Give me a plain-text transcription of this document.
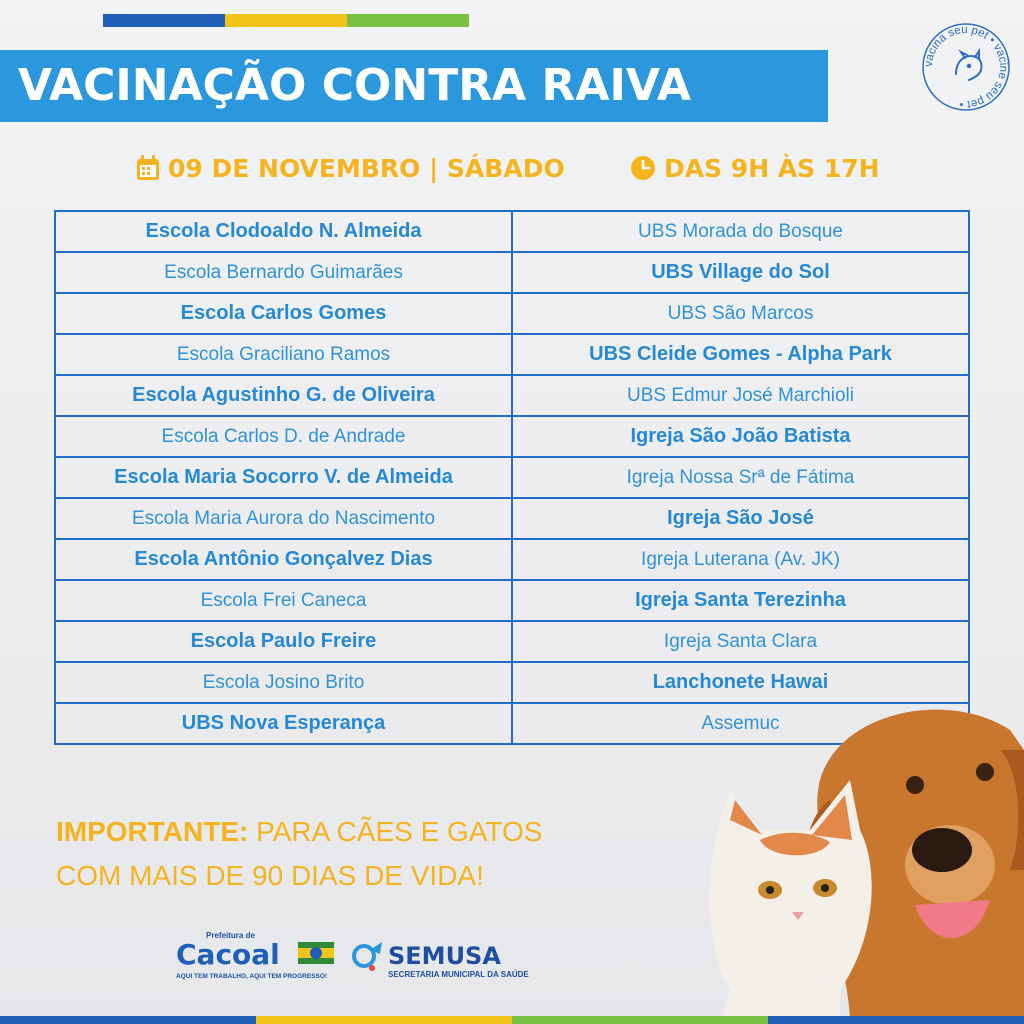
VACINAÇÃO CONTRA RAIVA	vacina seu pet • vacine seu pet •
09 DE NOVEMBRO | SÁBADO	DAS 9H ÀS 17H
Escola Clodoaldo N. Almeida	UBS Morada do Bosque
Escola Bernardo Guimarães	UBS Village do Sol
Escola Carlos Gomes	UBS São Marcos
Escola Graciliano Ramos	UBS Cleide Gomes - Alpha Park
Escola Agustinho G. de Oliveira	UBS Edmur José Marchioli
Escola Carlos D. de Andrade	Igreja São João Batista
Escola Maria Socorro V. de Almeida	Igreja Nossa Srª de Fátima
Escola Maria Aurora do Nascimento	Igreja São José
Escola Antônio Gonçalvez Dias	Igreja Luterana (Av. JK)
Escola Frei Caneca	Igreja Santa Terezinha
Escola Paulo Freire	Igreja Santa Clara
Escola Josino Brito	Lanchonete Hawai
UBS Nova Esperança	Assemuc
IMPORTANTE: PARA CÃES E GATOS
COM MAIS DE 90 DIAS DE VIDA!
Prefeitura de
Cacoal
AQUI TEM TRABALHO, AQUI TEM PROGRESSO!
SEMUSA
SECRETARIA MUNICIPAL DA SAÚDE
